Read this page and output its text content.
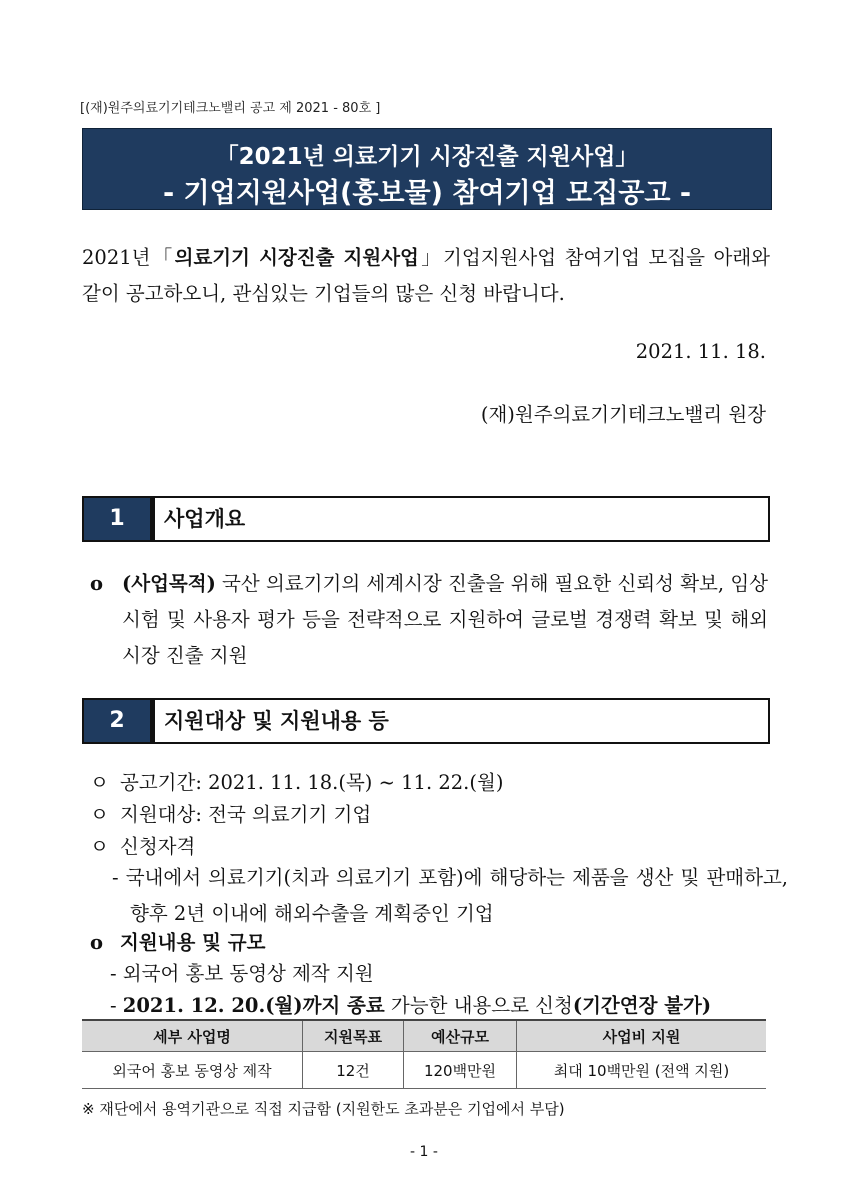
[(재)원주의료기기테크노밸리 공고 제 2021 - 80호 ]
「2021년 의료기기 시장진출 지원사업」
- 기업지원사업(홍보물) 참여기업 모집공고 -
2021년「의료기기 시장진출 지원사업」기업지원사업 참여기업 모집을 아래와 같이 공고하오니, 관심있는 기업들의 많은 신청 바랍니다.
2021. 11. 18.
(재)원주의료기기테크노밸리 원장
1	사업개요
o (사업목적) 국산 의료기기의 세계시장 진출을 위해 필요한 신뢰성 확보, 임상시험 및 사용자 평가 등을 전략적으로 지원하여 글로벌 경쟁력 확보 및 해외 시장 진출 지원
2	지원대상 및 지원내용 등
ㅇ 공고기간: 2021. 11. 18.(목) ~ 11. 22.(월)
ㅇ 지원대상: 전국 의료기기 기업
ㅇ 신청자격
- 국내에서 의료기기(치과 의료기기 포함)에 해당하는 제품을 생산 및 판매하고, 향후 2년 이내에 해외수출을 계획중인 기업
o 지원내용 및 규모
- 외국어 홍보 동영상 제작 지원
- 2021. 12. 20.(월)까지 종료 가능한 내용으로 신청(기간연장 불가)
세부 사업명	지원목표	예산규모	사업비 지원
외국어 홍보 동영상 제작	12건	120백만원	최대 10백만원 (전액 지원)
※ 재단에서 용역기관으로 직접 지급함 (지원한도 초과분은 기업에서 부담)
- 1 -
